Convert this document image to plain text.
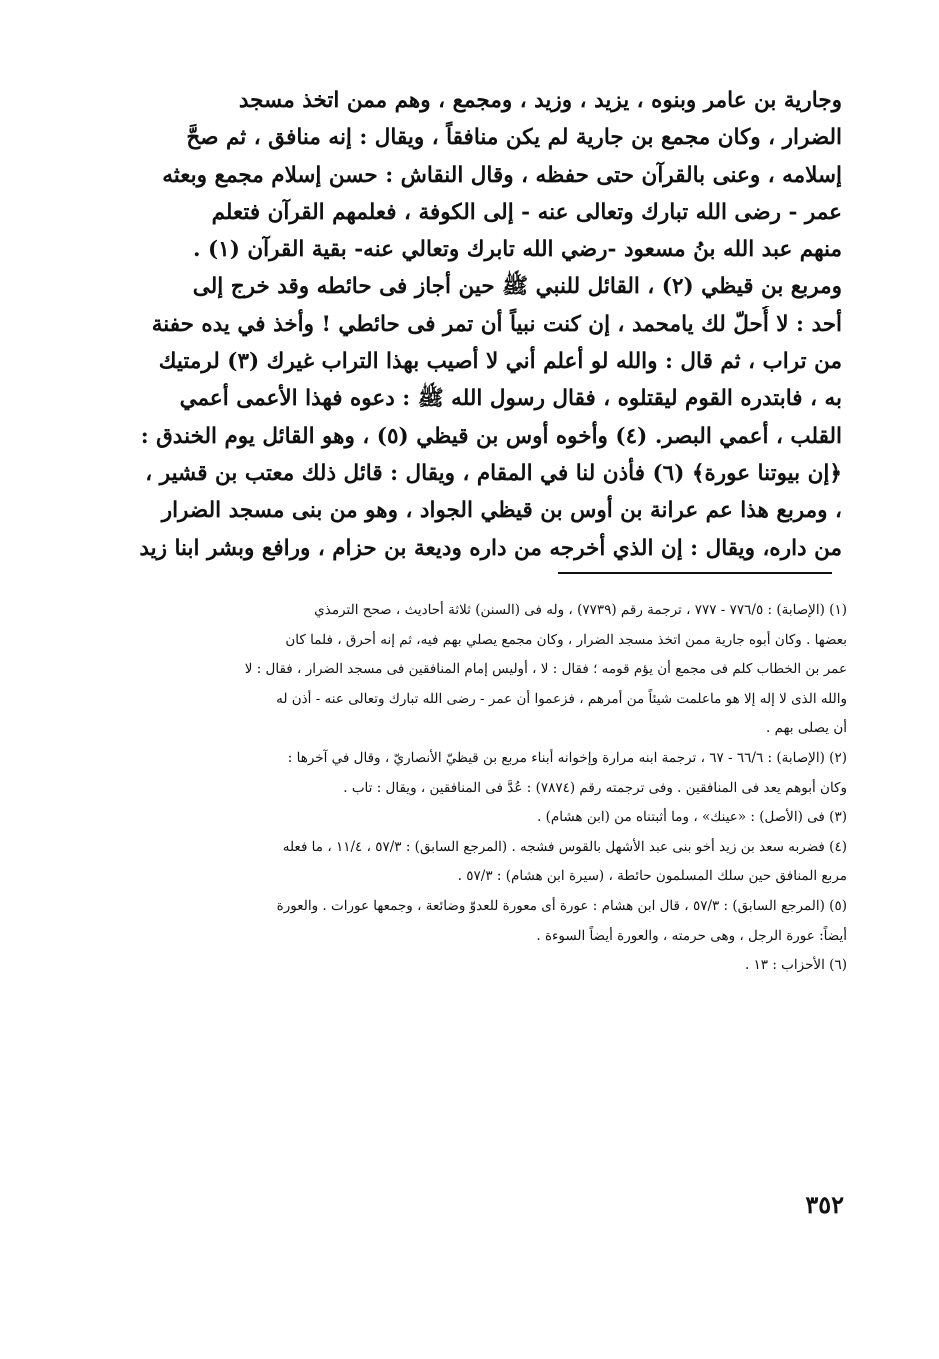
وجارية بن عامر وبنوه ، يزيد ، وزيد ، ومجمع ، وهم ممن اتخذ مسجد
الضرار ، وكان مجمع بن جارية لم يكن منافقاً ، ويقال : إنه منافق ، ثم صحَّ
إسلامه ، وعنى بالقرآن حتى حفظه ، وقال النقاش : حسن إسلام مجمع وبعثه
عمر - رضى الله تبارك وتعالى عنه - إلى الكوفة ، فعلمهم القرآن فتعلم
منهم عبد الله بنُ مسعود -رضي الله تابرك وتعالي عنه- بقية القرآن (١) .
ومربع بن قيظي (٢) ، القائل للنبي ﷺ حين أجاز فى حائطه وقد خرج إلى
أحد : لا أُحلّ لك يامحمد ، إن كنت نبياً أن تمر فى حائطي ! وأخذ في يده حفنة
من تراب ، ثم قال : والله لو أعلم أني لا أصيب بهذا التراب غيرك (٣) لرمتيك
به ، فابتدره القوم ليقتلوه ، فقال رسول الله ﷺ : دعوه فهذا الأعمى أعمي
القلب ، أعمي البصر. (٤) وأخوه أوس بن قيظي (٥) ، وهو القائل يوم الخندق :
﴿إن بيوتنا عورة﴾ (٦) فأذن لنا في المقام ، ويقال : قائل ذلك معتب بن قشير ،
، ومربع هذا عم عرانة بن أوس بن قيظي الجواد ، وهو من بنى مسجد الضرار
من داره، ويقال : إن الذي أخرجه من داره وديعة بن حزام ، ورافع وبشر ابنا زيد
(١) (الإصابة) : ٧٧٦/٥ - ٧٧٧ ، ترجمة رقم (٧٧٣٩) ، وله فى (السنن) ثلاثة أحاديث ، صحح الترمذي
بعضها . وكان أبوه جارية ممن اتخذ مسجد الضرار ، وكان مجمع يصلي بهم فيه، ثم إنه أحرق ، فلما كان
عمر بن الخطاب كلم فى مجمع أن يؤم قومه ؛ فقال : لا ، أوليس إمام المنافقين فى مسجد الضرار ، فقال : لا
والله الذى لا إله إلا هو ماعلمت شيئاً من أمرهم ، فزعموا أن عمر - رضى الله تبارك وتعالى عنه - أذن له
أن يصلى بهم .
(٢) (الإصابة) : ٦٦/٦ - ٦٧ ، ترجمة ابنه مرارة وإخوانه أبناء مربع بن قيظيّ الأنصاريّ ، وقال في آخرها :
وكان أبوهم يعد فى المنافقين . وفى ترجمته رقم (٧٨٧٤) : عُدَّ فى المنافقين ، ويقال : تاب .
(٣) فى (الأصل) : «عينك» ، وما أثبتناه من (ابن هشام) .
(٤) فضربه سعد بن زيد أخو بنى عبد الأشهل بالقوس فشجه . (المرجع السابق) : ٥٧/٣ ، ١١/٤ ، ما فعله
مربع المنافق حين سلك المسلمون حائطة ، (سيرة ابن هشام) : ٥٧/٣ .
(٥) (المرجع السابق) : ٥٧/٣ ، قال ابن هشام : عورة أى معورة للعدوّ وضائعة ، وجمعها عورات . والعورة
أيضاً: عورة الرجل ، وهى حرمته ، والعورة أيضاً السوءة .
(٦) الأحزاب : ١٣ .
٣٥٢
